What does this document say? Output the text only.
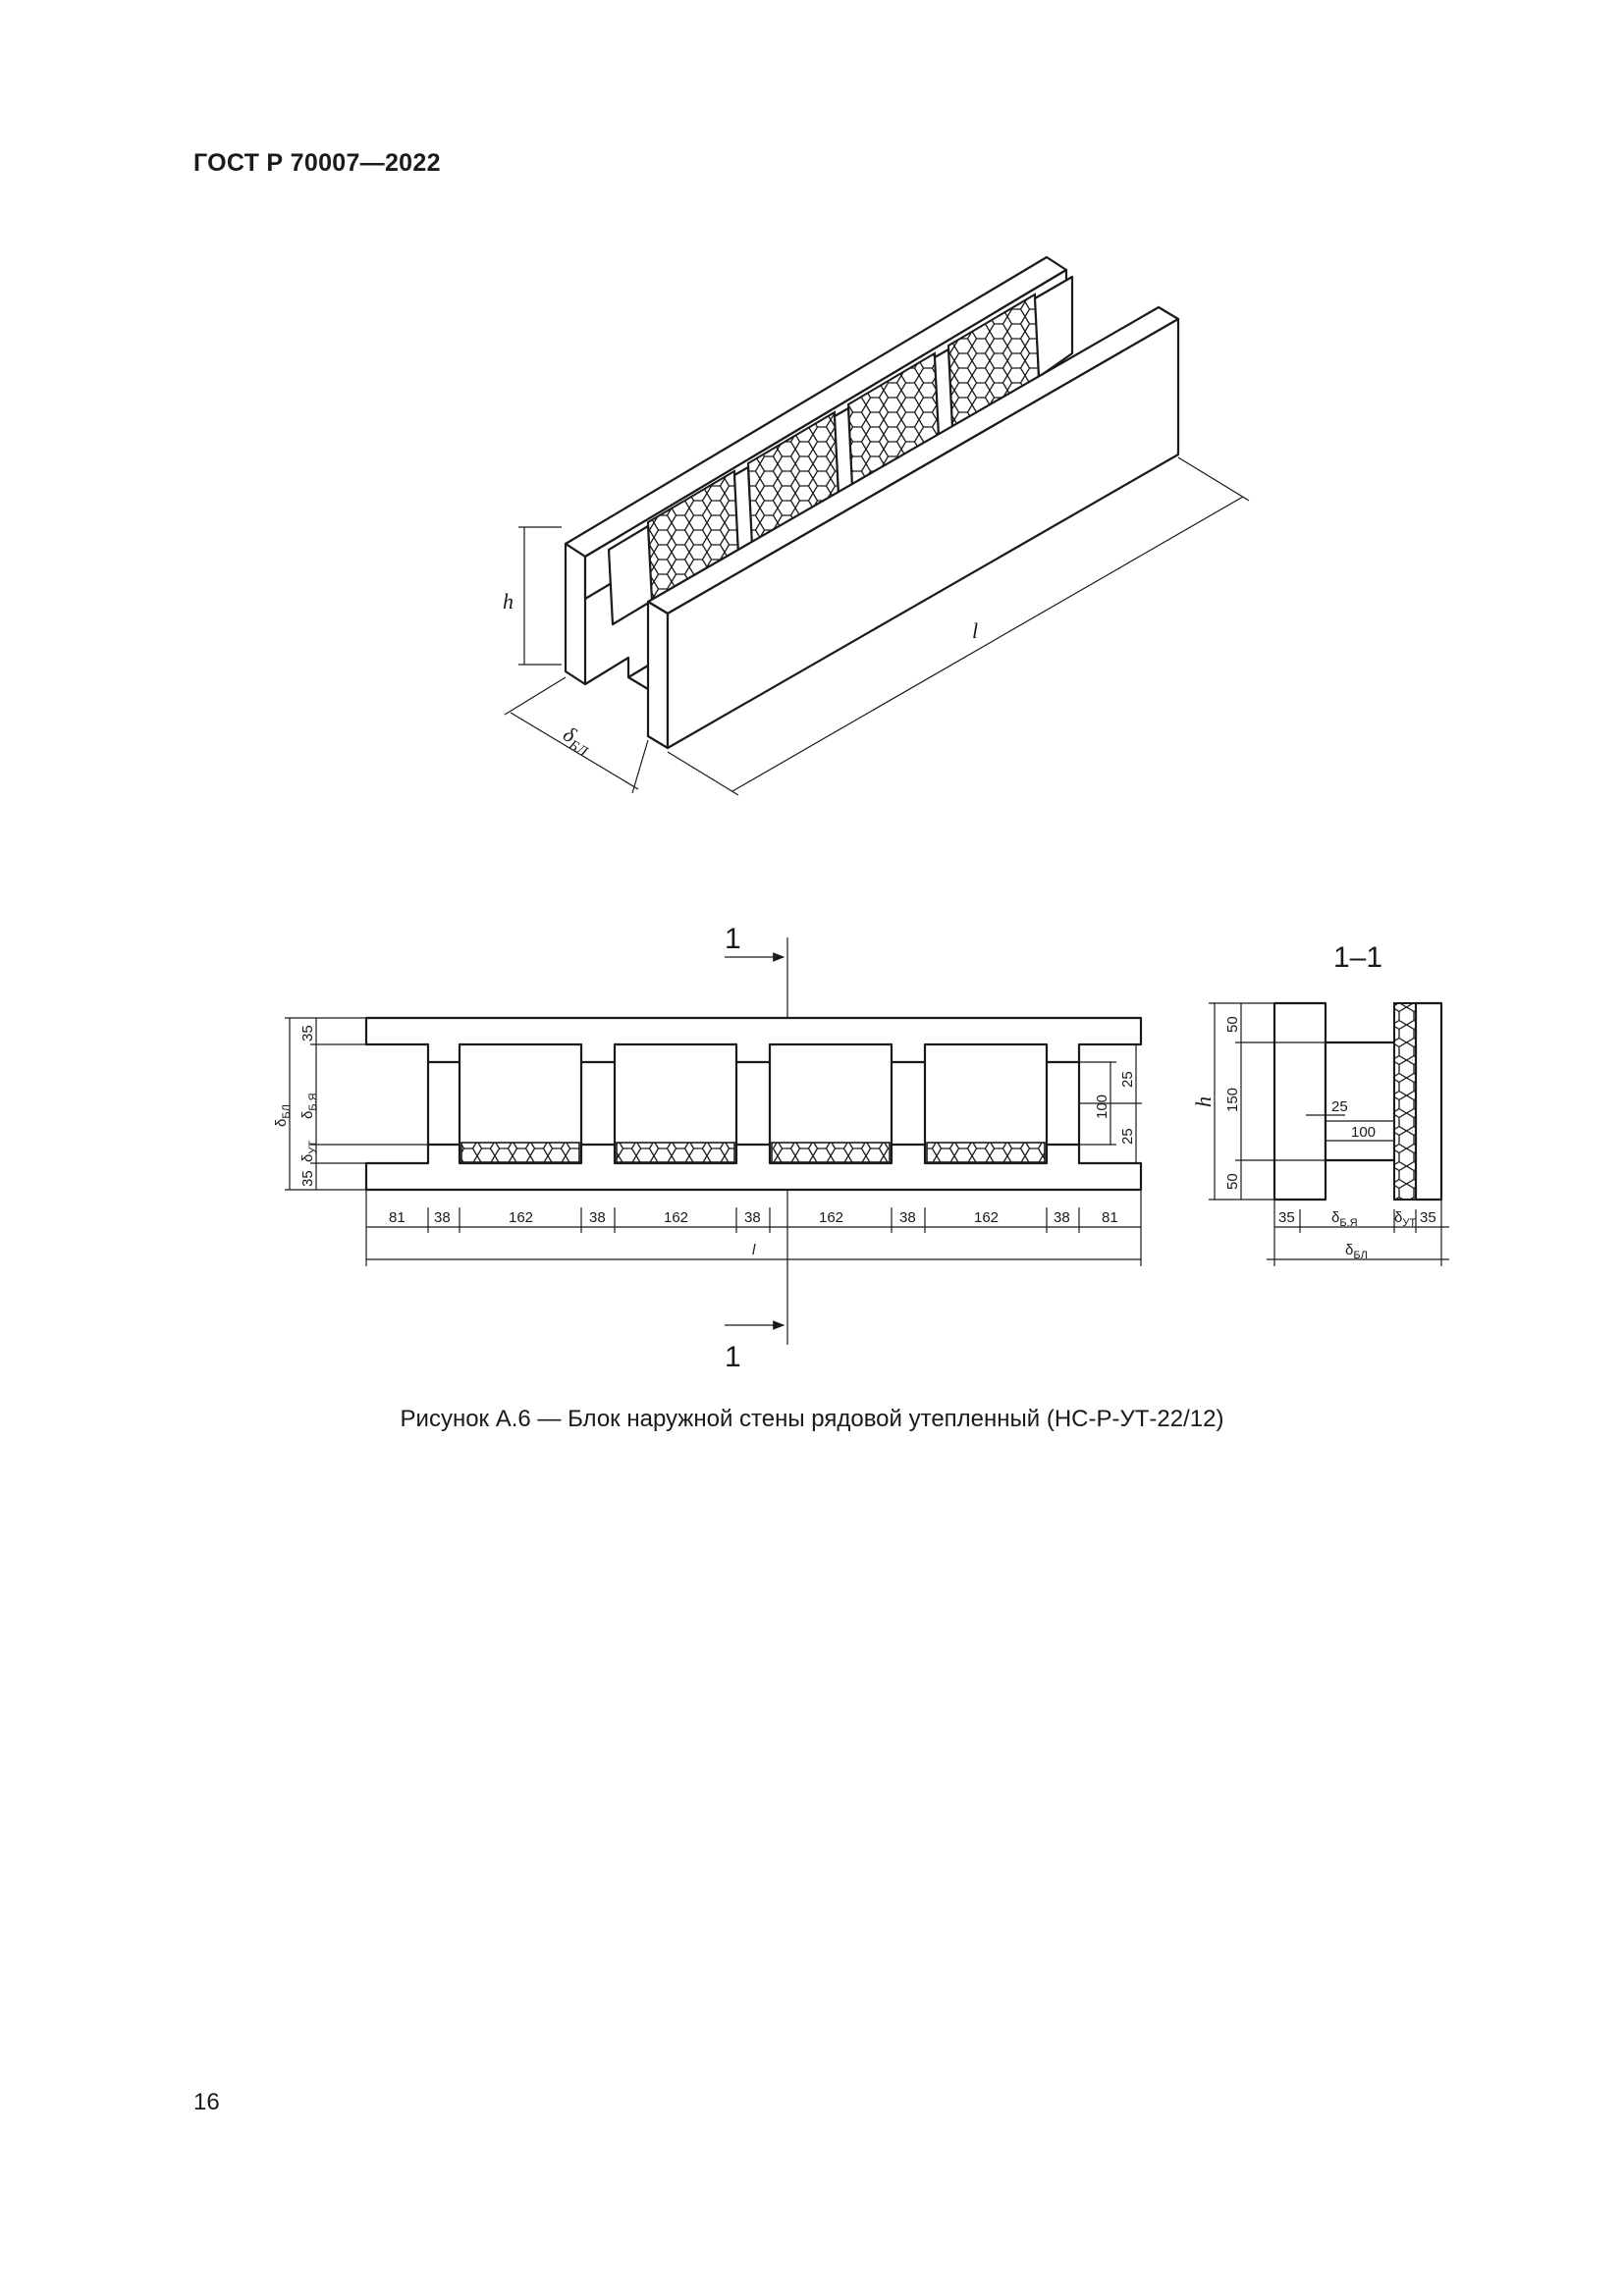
ГОСТ Р 70007—2022
h
$\delta_{БЛ}$
l
1
1
35
35
$\delta_{Б.Я}$
$\delta_{УТ}$
$\delta_{БЛ}$	100
25
25
81 38	162	38	162	38	162	38	162	38 81
l
1–1
h
50
150
50
25
100
35 $\delta_{Б.Я}$ $\delta_{УТ}$ 35
$\delta_{БЛ}$
Рисунок А.6 — Блок наружной стены рядовой утепленный (НС-Р-УТ-22/12)
16
